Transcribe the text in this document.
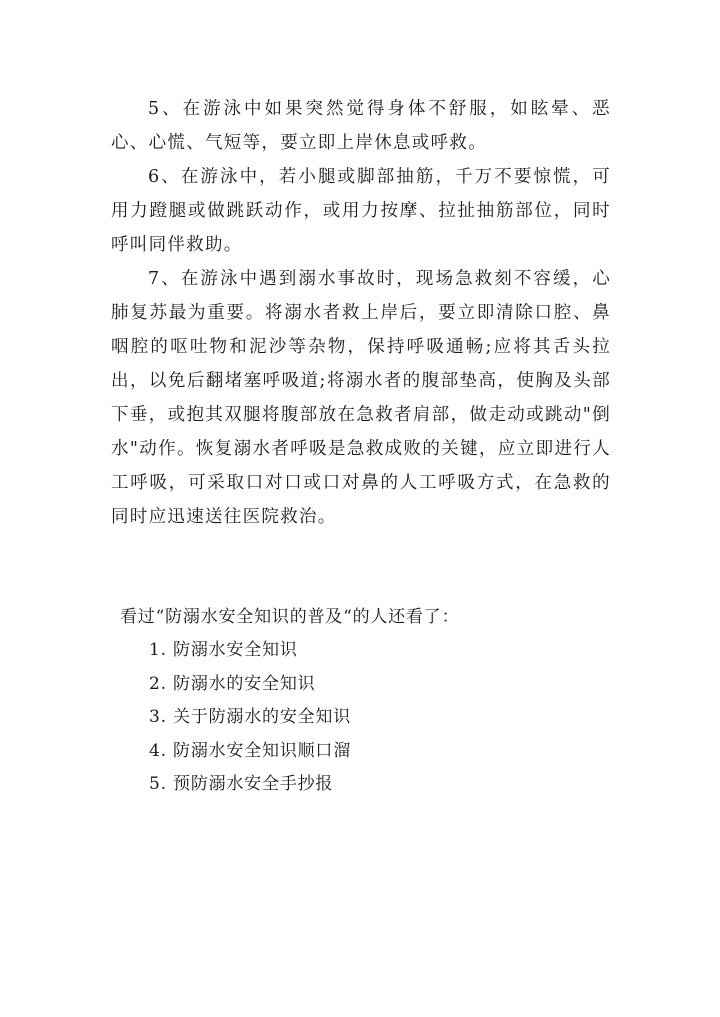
5、在游泳中如果突然觉得身体不舒服，如眩晕、恶心、心慌、气短等，要立即上岸休息或呼救。

6、在游泳中，若小腿或脚部抽筋，千万不要惊慌，可用力蹬腿或做跳跃动作，或用力按摩、拉扯抽筋部位，同时呼叫同伴救助。

7、在游泳中遇到溺水事故时，现场急救刻不容缓，心肺复苏最为重要。将溺水者救上岸后，要立即清除口腔、鼻咽腔的呕吐物和泥沙等杂物，保持呼吸通畅;应将其舌头拉出，以免后翻堵塞呼吸道;将溺水者的腹部垫高，使胸及头部下垂，或抱其双腿将腹部放在急救者肩部，做走动或跳动"倒水"动作。恢复溺水者呼吸是急救成败的关键，应立即进行人工呼吸，可采取口对口或口对鼻的人工呼吸方式，在急救的同时应迅速送往医院救治。

看过“防溺水安全知识的普及“的人还看了：

1. 防溺水安全知识
2. 防溺水的安全知识
3. 关于防溺水的安全知识
4. 防溺水安全知识顺口溜
5. 预防溺水安全手抄报
